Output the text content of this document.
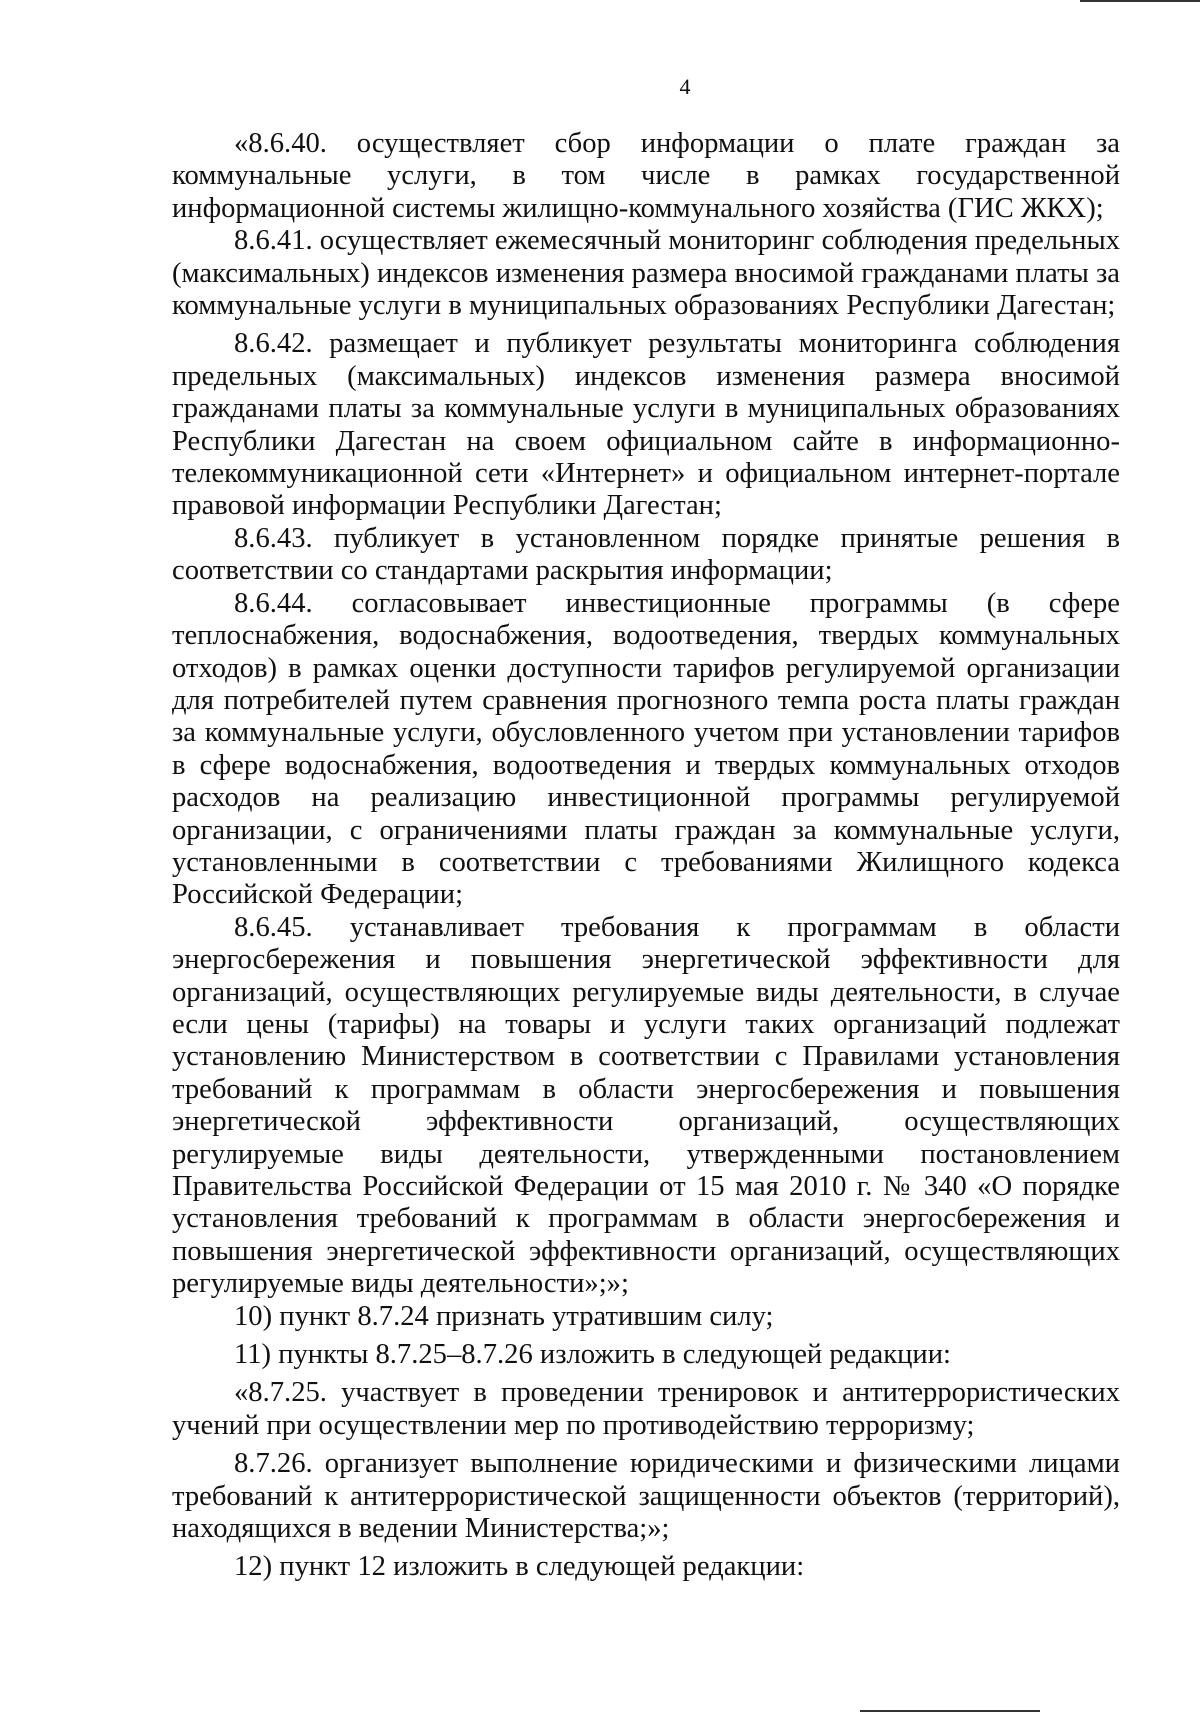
4

«8.6.40. осуществляет сбор информации о плате граждан за коммунальные услуги, в том числе в рамках государственной информационной системы жилищно-коммунального хозяйства (ГИС ЖКХ);

8.6.41. осуществляет ежемесячный мониторинг соблюдения предельных (максимальных) индексов изменения размера вносимой гражданами платы за коммунальные услуги в муниципальных образованиях Республики Дагестан;

8.6.42. размещает и публикует результаты мониторинга соблюдения предельных (максимальных) индексов изменения размера вносимой гражданами платы за коммунальные услуги в муниципальных образованиях Республики Дагестан на своем официальном сайте в информационно-телекоммуникационной сети «Интернет» и официальном интернет-портале правовой информации Республики Дагестан;

8.6.43. публикует в установленном порядке принятые решения в соответствии со стандартами раскрытия информации;

8.6.44. согласовывает инвестиционные программы (в сфере теплоснабжения, водоснабжения, водоотведения, твердых коммунальных отходов) в рамках оценки доступности тарифов регулируемой организации для потребителей путем сравнения прогнозного темпа роста платы граждан за коммунальные услуги, обусловленного учетом при установлении тарифов в сфере водоснабжения, водоотведения и твердых коммунальных отходов расходов на реализацию инвестиционной программы регулируемой организации, с ограничениями платы граждан за коммунальные услуги, установленными в соответствии с требованиями Жилищного кодекса Российской Федерации;

8.6.45. устанавливает требования к программам в области энергосбережения и повышения энергетической эффективности для организаций, осуществляющих регулируемые виды деятельности, в случае если цены (тарифы) на товары и услуги таких организаций подлежат установлению Министерством в соответствии с Правилами установления требований к программам в области энергосбережения и повышения энергетической эффективности организаций, осуществляющих регулируемые виды деятельности, утвержденными постановлением Правительства Российской Федерации от 15 мая 2010 г. № 340 «О порядке установления требований к программам в области энергосбережения и повышения энергетической эффективности организаций, осуществляющих регулируемые виды деятельности»;»;

10) пункт 8.7.24 признать утратившим силу;

11) пункты 8.7.25–8.7.26 изложить в следующей редакции:

«8.7.25. участвует в проведении тренировок и антитеррористических учений при осуществлении мер по противодействию терроризму;

8.7.26. организует выполнение юридическими и физическими лицами требований к антитеррористической защищенности объектов (территорий), находящихся в ведении Министерства;»;

12) пункт 12 изложить в следующей редакции:
